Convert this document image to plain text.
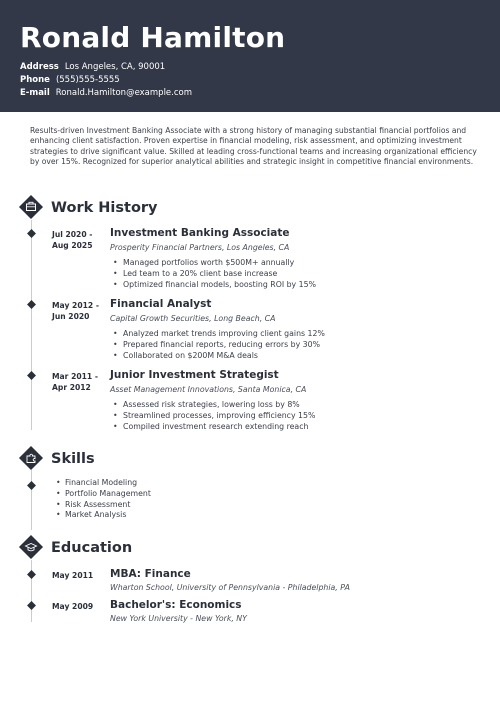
Ronald Hamilton
Address Los Angeles, CA, 90001
Phone (555)555-5555
E-mail Ronald.Hamilton@example.com

Results-driven Investment Banking Associate with a strong history of managing substantial financial portfolios and enhancing client satisfaction. Proven expertise in financial modeling, risk assessment, and optimizing investment strategies to drive significant value. Skilled at leading cross-functional teams and increasing organizational efficiency by over 15%. Recognized for superior analytical abilities and strategic insight in competitive financial environments.

Work History
Jul 2020 -
Aug 2025
Investment Banking Associate
Prosperity Financial Partners, Los Angeles, CA
• Managed portfolios worth $500M+ annually
• Led team to a 20% client base increase
• Optimized financial models, boosting ROI by 15%
May 2012 -
Jun 2020
Financial Analyst
Capital Growth Securities, Long Beach, CA
• Analyzed market trends improving client gains 12%
• Prepared financial reports, reducing errors by 30%
• Collaborated on $200M M&A deals
Mar 2011 -
Apr 2012
Junior Investment Strategist
Asset Management Innovations, Santa Monica, CA
• Assessed risk strategies, lowering loss by 8%
• Streamlined processes, improving efficiency 15%
• Compiled investment research extending reach
Skills
• Financial Modeling
• Portfolio Management
• Risk Assessment
• Market Analysis
Education
May 2011	MBA: Finance
Wharton School, University of Pennsylvania - Philadelphia, PA
May 2009	Bachelor's: Economics
New York University - New York, NY
